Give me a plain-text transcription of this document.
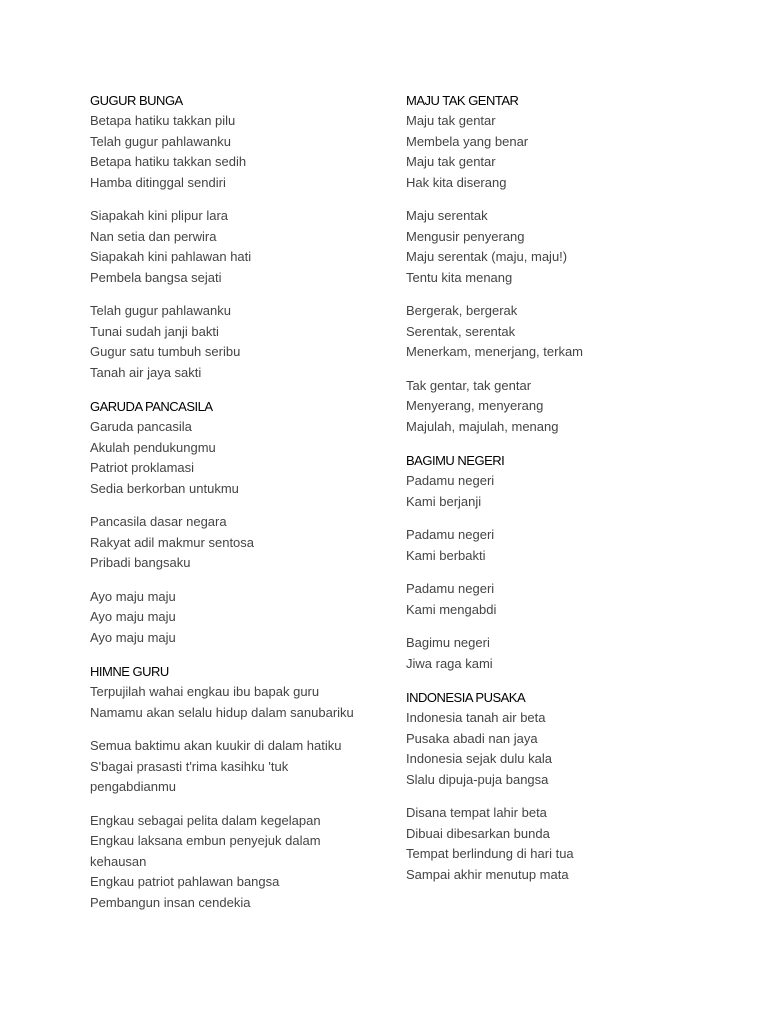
GUGUR BUNGA
Betapa hatiku takkan pilu
Telah gugur pahlawanku
Betapa hatiku takkan sedih
Hamba ditinggal sendiri
Siapakah kini plipur lara
Nan setia dan perwira
Siapakah kini pahlawan hati
Pembela bangsa sejati
Telah gugur pahlawanku
Tunai sudah janji bakti
Gugur satu tumbuh seribu
Tanah air jaya sakti
GARUDA PANCASILA
Garuda pancasila
Akulah pendukungmu
Patriot proklamasi
Sedia berkorban untukmu
Pancasila dasar negara
Rakyat adil makmur sentosa
Pribadi bangsaku
Ayo maju maju
Ayo maju maju
Ayo maju maju
HIMNE GURU
Terpujilah wahai engkau ibu bapak guru
Namamu akan selalu hidup dalam sanubariku
Semua baktimu akan kuukir di dalam hatiku
S'bagai prasasti t'rima kasihku 'tuk
pengabdianmu
Engkau sebagai pelita dalam kegelapan
Engkau laksana embun penyejuk dalam
kehausan
Engkau patriot pahlawan bangsa
Pembangun insan cendekia
MAJU TAK GENTAR
Maju tak gentar
Membela yang benar
Maju tak gentar
Hak kita diserang
Maju serentak
Mengusir penyerang
Maju serentak (maju, maju!)
Tentu kita menang
Bergerak, bergerak
Serentak, serentak
Menerkam, menerjang, terkam
Tak gentar, tak gentar
Menyerang, menyerang
Majulah, majulah, menang
BAGIMU NEGERI
Padamu negeri
Kami berjanji
Padamu negeri
Kami berbakti
Padamu negeri
Kami mengabdi
Bagimu negeri
Jiwa raga kami
INDONESIA PUSAKA
Indonesia tanah air beta
Pusaka abadi nan jaya
Indonesia sejak dulu kala
Slalu dipuja-puja bangsa
Disana tempat lahir beta
Dibuai dibesarkan bunda
Tempat berlindung di hari tua
Sampai akhir menutup mata
